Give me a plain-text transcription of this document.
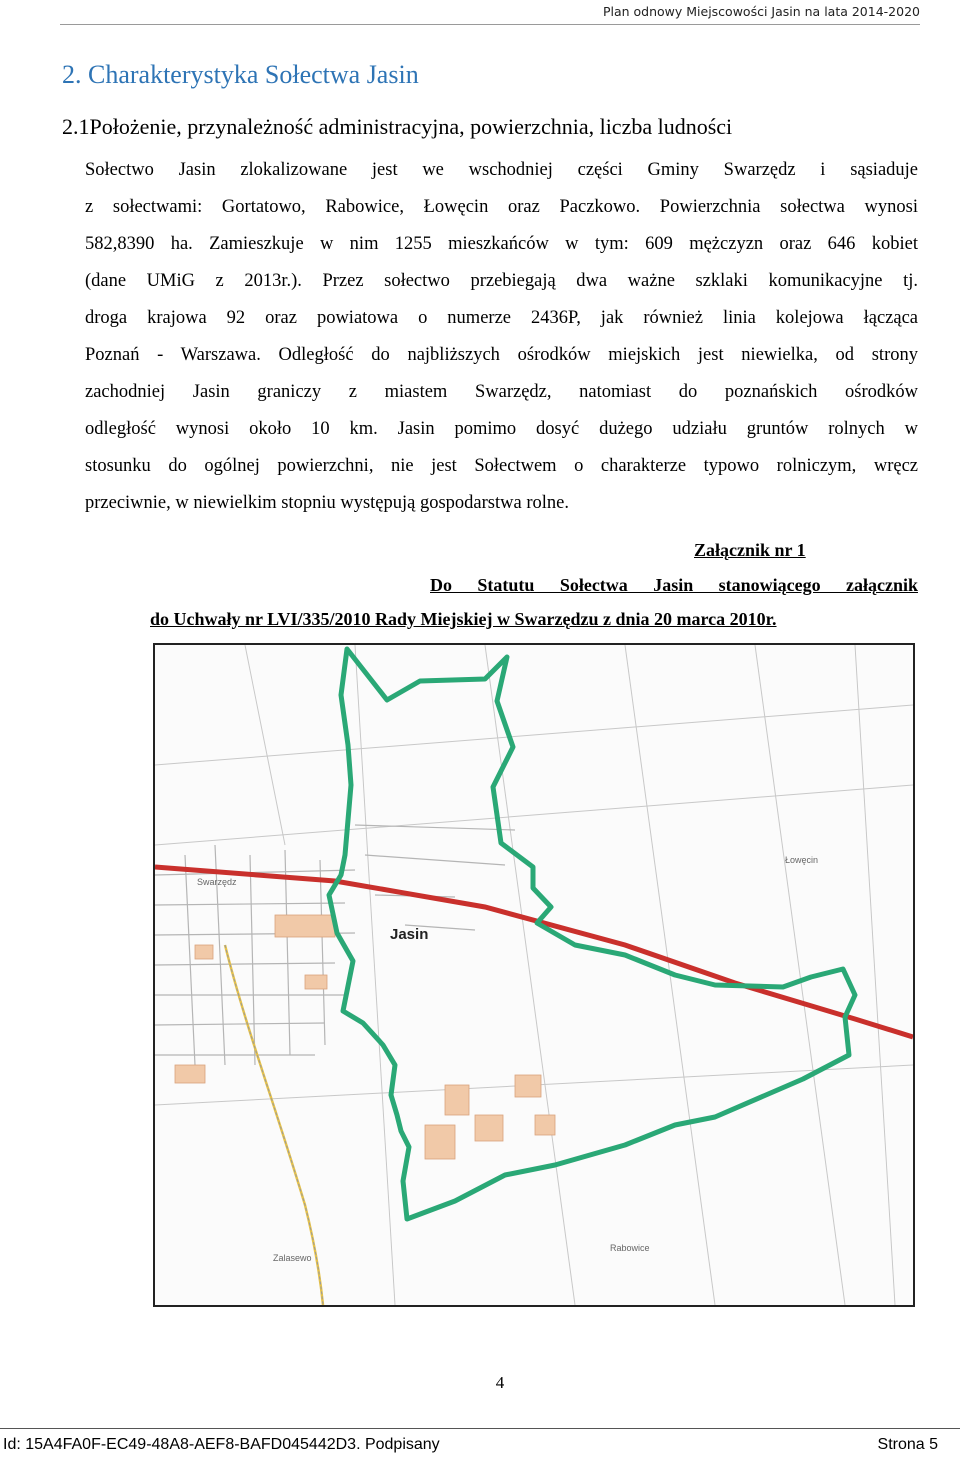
Plan odnowy Miejscowości Jasin na lata 2014-2020
2. Charakterystyka Sołectwa Jasin
2.1Położenie, przynależność administracyjna, powierzchnia, liczba ludności
Sołectwo Jasin zlokalizowane jest we wschodniej części Gminy Swarzędz i sąsiaduje
z sołectwami: Gortatowo, Rabowice, Łowęcin oraz Paczkowo. Powierzchnia sołectwa wynosi
582,8390 ha. Zamieszkuje w nim 1255 mieszkańców w tym: 609 mężczyzn oraz 646 kobiet
(dane UMiG z 2013r.). Przez sołectwo przebiegają dwa ważne szklaki komunikacyjne tj.
droga krajowa 92 oraz powiatowa o numerze 2436P, jak również linia kolejowa łącząca
Poznań - Warszawa. Odległość do najbliższych ośrodków miejskich jest niewielka, od strony
zachodniej Jasin graniczy z miastem Swarzędz, natomiast do poznańskich ośrodków
odległość wynosi około 10 km. Jasin pomimo dosyć dużego udziału gruntów rolnych w
stosunku do ogólnej powierzchni, nie jest Sołectwem o charakterze typowo rolniczym, wręcz
przeciwnie, w niewielkim stopniu występują gospodarstwa rolne.
Załącznik nr 1
Do Statutu Sołectwa Jasin stanowiącego załącznik
do Uchwały nr LVI/335/2010 Rady Miejskiej w Swarzędzu z dnia 20 marca 2010r.
Jasin
Swarzędz
Łowęcin
Rabowice
Zalasewo
4
Id: 15A4FA0F-EC49-48A8-AEF8-BAFD045442D3. Podpisany	Strona 5
